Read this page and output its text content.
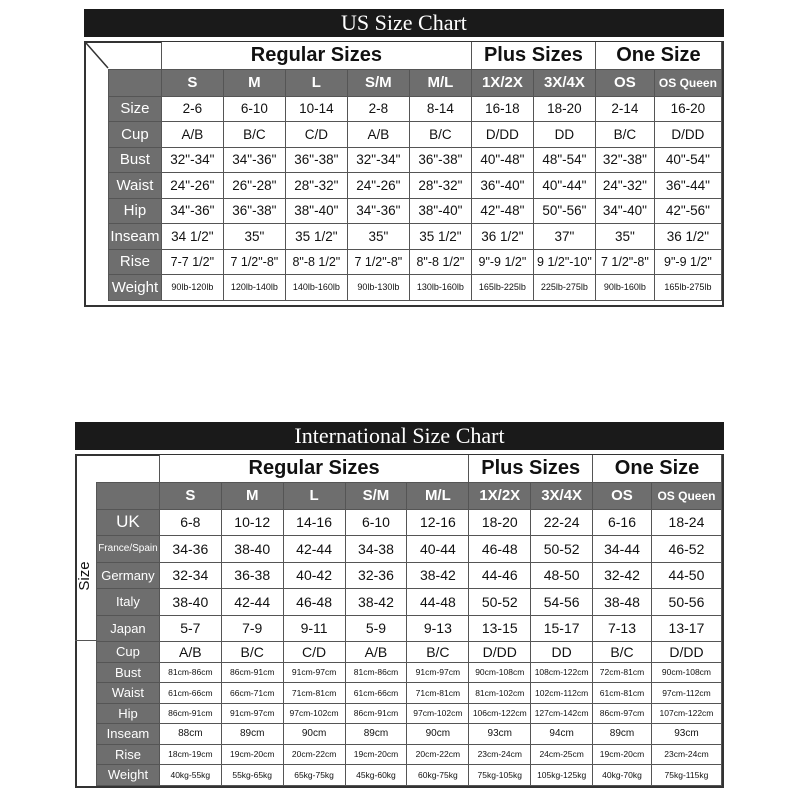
US Size Chart
	Regular Sizes					Plus Sizes		One Size	
	S	M	L	S/M	M/L	1X/2X	3X/4X	OS	OS Queen
Size	2-6	6-10	10-14	2-8	8-14	16-18	18-20	2-14	16-20
Cup	A/B	B/C	C/D	A/B	B/C	D/DD	DD	B/C	D/DD
Bust	32"-34"	34"-36"	36"-38"	32"-34"	36"-38"	40"-48"	48"-54"	32"-38"	40"-54"
Waist	24"-26"	26"-28"	28"-32"	24"-26"	28"-32"	36"-40"	40"-44"	24"-32"	36"-44"
Hip	34"-36"	36"-38"	38"-40"	34"-36"	38"-40"	42"-48"	50"-56"	34"-40"	42"-56"
Inseam	34 1/2"	35"	35 1/2"	35"	35 1/2"	36 1/2"	37"	35"	36 1/2"
Rise	7-7 1/2"	7 1/2"-8"	8"-8 1/2"	7 1/2"-8"	8"-8 1/2"	9"-9 1/2"	9 1/2"-10"	7 1/2"-8"	9"-9 1/2"
Weight	90lb-120lb	120lb-140lb	140lb-160lb	90lb-130lb	130lb-160lb	165lb-225lb	225lb-275lb	90lb-160lb	165lb-275lb
International Size Chart
Size
	Regular Sizes					Plus Sizes		One Size	
	S	M	L	S/M	M/L	1X/2X	3X/4X	OS	OS Queen
UK	6-8	10-12	14-16	6-10	12-16	18-20	22-24	6-16	18-24
France/Spain	34-36	38-40	42-44	34-38	40-44	46-48	50-52	34-44	46-52
Germany	32-34	36-38	40-42	32-36	38-42	44-46	48-50	32-42	44-50
Italy	38-40	42-44	46-48	38-42	44-48	50-52	54-56	38-48	50-56
Japan	5-7	7-9	9-11	5-9	9-13	13-15	15-17	7-13	13-17
Cup	A/B	B/C	C/D	A/B	B/C	D/DD	DD	B/C	D/DD
Bust	81cm-86cm	86cm-91cm	91cm-97cm	81cm-86cm	91cm-97cm	90cm-108cm	108cm-122cm	72cm-81cm	90cm-108cm
Waist	61cm-66cm	66cm-71cm	71cm-81cm	61cm-66cm	71cm-81cm	81cm-102cm	102cm-112cm	61cm-81cm	97cm-112cm
Hip	86cm-91cm	91cm-97cm	97cm-102cm	86cm-91cm	97cm-102cm	106cm-122cm	127cm-142cm	86cm-97cm	107cm-122cm
Inseam	88cm	89cm	90cm	89cm	90cm	93cm	94cm	89cm	93cm
Rise	18cm-19cm	19cm-20cm	20cm-22cm	19cm-20cm	20cm-22cm	23cm-24cm	24cm-25cm	19cm-20cm	23cm-24cm
Weight	40kg-55kg	55kg-65kg	65kg-75kg	45kg-60kg	60kg-75kg	75kg-105kg	105kg-125kg	40kg-70kg	75kg-115kg
